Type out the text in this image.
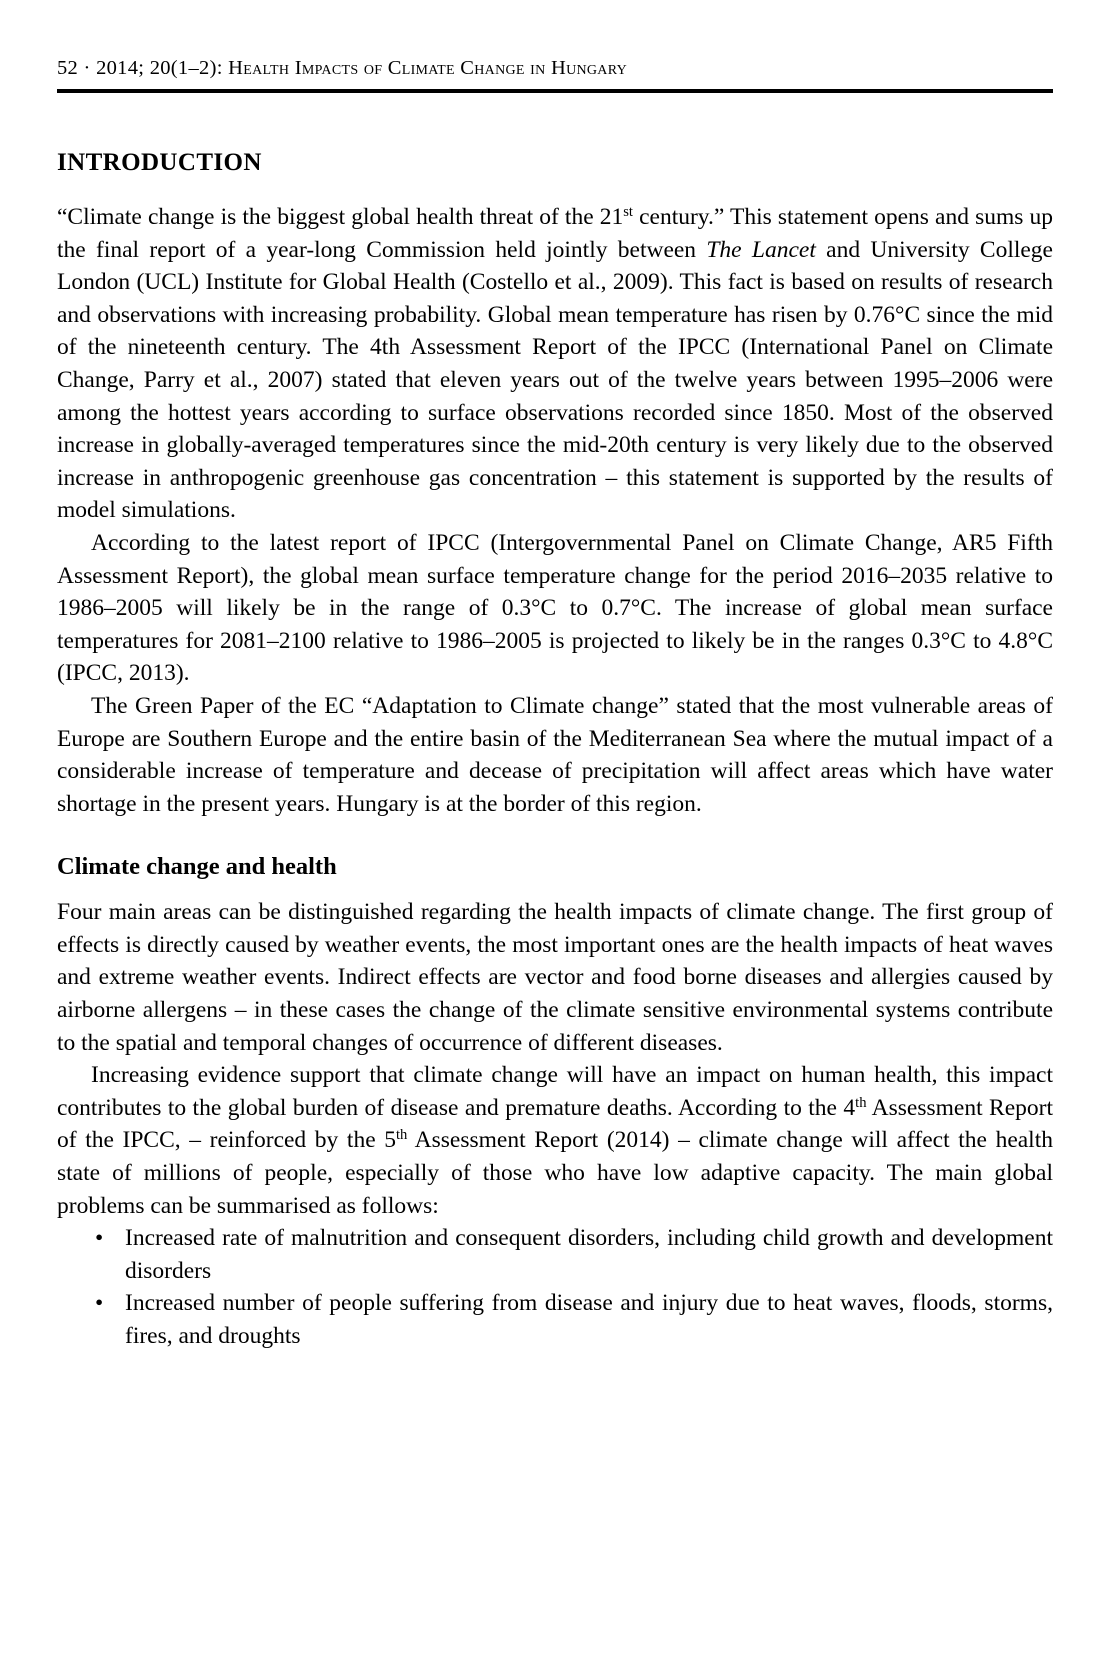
52 · 2014; 20(1–2): Health Impacts of Climate Change in Hungary
INTRODUCTION

“Climate change is the biggest global health threat of the 21st century.” This statement opens and sums up the final report of a year-long Commission held jointly between The Lancet and University College London (UCL) Institute for Global Health (Costello et al., 2009). This fact is based on results of research and observations with increasing probability. Global mean temperature has risen by 0.76°C since the mid of the nineteenth century. The 4th Assessment Report of the IPCC (International Panel on Climate Change, Parry et al., 2007) stated that eleven years out of the twelve years between 1995–2006 were among the hottest years according to surface observations recorded since 1850. Most of the observed increase in globally-averaged temperatures since the mid-20th century is very likely due to the observed increase in anthropogenic greenhouse gas concentration – this statement is supported by the results of model simulations.

According to the latest report of IPCC (Intergovernmental Panel on Climate Change, AR5 Fifth Assessment Report), the global mean surface temperature change for the period 2016–2035 relative to 1986–2005 will likely be in the range of 0.3°C to 0.7°C. The increase of global mean surface temperatures for 2081–2100 relative to 1986–2005 is projected to likely be in the ranges 0.3°C to 4.8°C (IPCC, 2013).

The Green Paper of the EC “Adaptation to Climate change” stated that the most vulnerable areas of Europe are Southern Europe and the entire basin of the Mediterranean Sea where the mutual impact of a considerable increase of temperature and decease of precipitation will affect areas which have water shortage in the present years. Hungary is at the border of this region.

Climate change and health

Four main areas can be distinguished regarding the health impacts of climate change. The first group of effects is directly caused by weather events, the most important ones are the health impacts of heat waves and extreme weather events. Indirect effects are vector and food borne diseases and allergies caused by airborne allergens – in these cases the change of the climate sensitive environmental systems contribute to the spatial and temporal changes of occurrence of different diseases.

Increasing evidence support that climate change will have an impact on human health, this impact contributes to the global burden of disease and premature deaths. According to the 4th Assessment Report of the IPCC, – reinforced by the 5th Assessment Report (2014) – climate change will affect the health state of millions of people, especially of those who have low adaptive capacity. The main global problems can be summarised as follows:

• Increased rate of malnutrition and consequent disorders, including child growth and development disorders
• Increased number of people suffering from disease and injury due to heat waves, floods, storms, fires, and droughts
